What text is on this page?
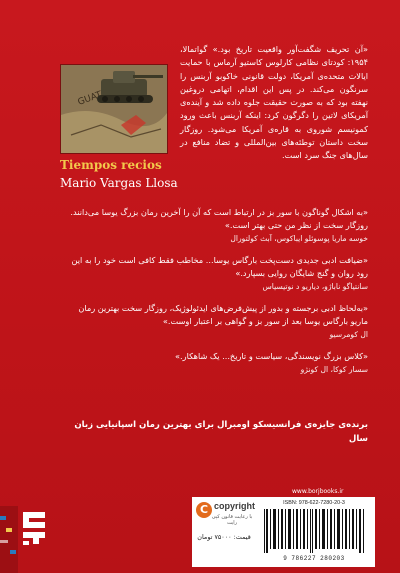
Tiempos recios
Mario Vargas Llosa
«آن تحریف شگفت‌آور واقعیت تاریخ بود.» گواتمالا، ۱۹۵۴: کودتای نظامی کارلوس کاستیو آرماس با حمایت ایالات متحده‌ی آمریکا، دولت قانونی خاکوبو آربنس را سرنگون می‌کند. در پس این اقدام، اتهامی دروغین نهفته بود که به صورت حقیقت جلوه داده شد و آینده‌ی آمریکای لاتین را دگرگون کرد: اینکه آربنس باعث ورود کمونیسم شوروی به قاره‌ی آمریکا می‌شود. روزگار سخت داستان توطئه‌های بین‌المللی و تضاد منافع در سال‌های جنگ سرد است.

«به اشکال گوناگون با سور بز در ارتباط است که آن را آخرین رمان بزرگ یوسا می‌دانند. روزگار سخت از نظر من حتی بهتر است.»

خوسه ماریا پوسوئلو ایباکوس، آبث کولتورال

«ضیافت ادبی جدیدی دست‌پخت بارگاس یوسا... مخاطب فقط کافی است خود را به این رود روان و گنج شایگان روایی بسپارد.»

سانتیاگو ناباژو، دیاریو د نوتیسیاس

«به‌لحاظ ادبی برجسته و بدور از پیش‌فرض‌های ایدئولوژیک، روزگار سخت بهترین رمان ماریو بارگاس یوسا بعد از سور بز و گواهی بر اعتبار اوست.»

ال کومرسیو

«کلاس بزرگ نویسندگی، سیاست و تاریخ... یک شاهکار.»

سسار کوکا، ال کونژو

برنده‌ی جایزه‌ی فرانسیسکو اومبرال برای بهترین رمان اسپانیایی زبان سال
www.borjbooks.ir
C copyright
با رعایت قانون کپی رایت
قیمت: ۷۵۰۰۰ تومان
ISBN: 978-622-7280-20-3
9 786227 280203
